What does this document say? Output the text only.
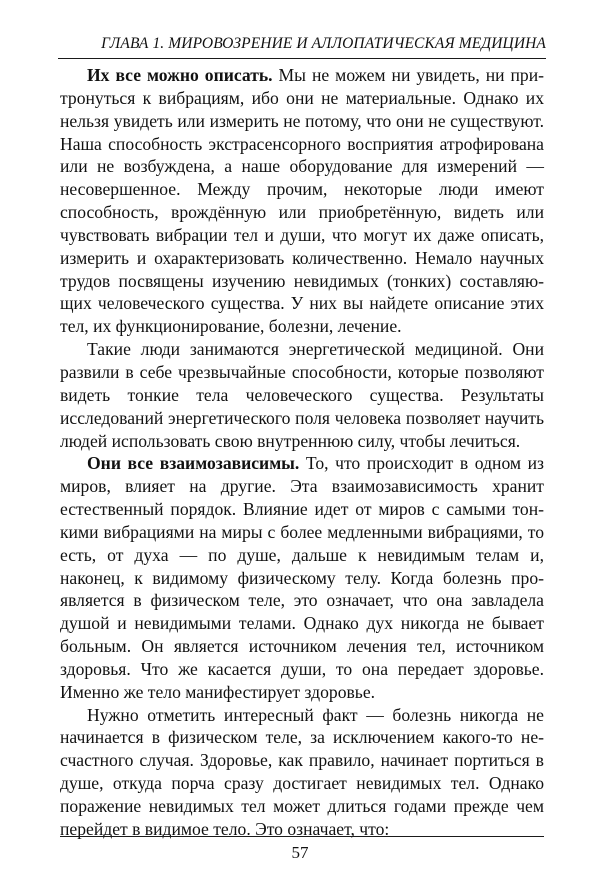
ГЛАВА 1. МИРОВОЗРЕНИЕ И АЛЛОПАТИЧЕСКАЯ МЕДИЦИНА

Их все можно описать. Мы не можем ни увидеть, ни притронуться к вибрациям, ибо они не материальные. Однако их нельзя увидеть или измерить не потому, что они не существуют. Наша способность экстрасенсорного восприятия атрофирована или не возбуждена, а наше оборудование для измерений — несовершенное. Между прочим, некоторые люди имеют способность, врождённую или приобретённую, видеть или чувствовать вибрации тел и души, что могут их даже описать, измерить и охарактеризовать количественно. Немало научных трудов посвящены изучению невидимых (тонких) составляющих человеческого существа. У них вы найдете описание этих тел, их функционирование, болезни, лечение.

Такие люди занимаются энергетической медициной. Они развили в себе чрезвычайные способности, которые позволяют видеть тонкие тела человеческого существа. Результаты исследований энергетического поля человека позволяет научить людей использовать свою внутреннюю силу, чтобы лечиться.

Они все взаимозависимы. То, что происходит в одном из миров, влияет на другие. Эта взаимозависимость хранит естественный порядок. Влияние идет от миров с самыми тонкими вибрациями на миры с более медленными вибрациями, то есть, от духа — по душе, дальше к невидимым телам и, наконец, к видимому физическому телу. Когда болезнь проявляется в физическом теле, это означает, что она завладела душой и невидимыми телами. Однако дух никогда не бывает больным. Он является источником лечения тел, источником здоровья. Что же касается души, то она передает здоровье. Именно же тело манифестирует здоровье.

Нужно отметить интересный факт — болезнь никогда не начинается в физическом теле, за исключением какого-то несчастного случая. Здоровье, как правило, начинает портиться в душе, откуда порча сразу достигает невидимых тел. Однако поражение невидимых тел может длиться годами прежде чем перейдет в видимое тело. Это означает, что:

57
